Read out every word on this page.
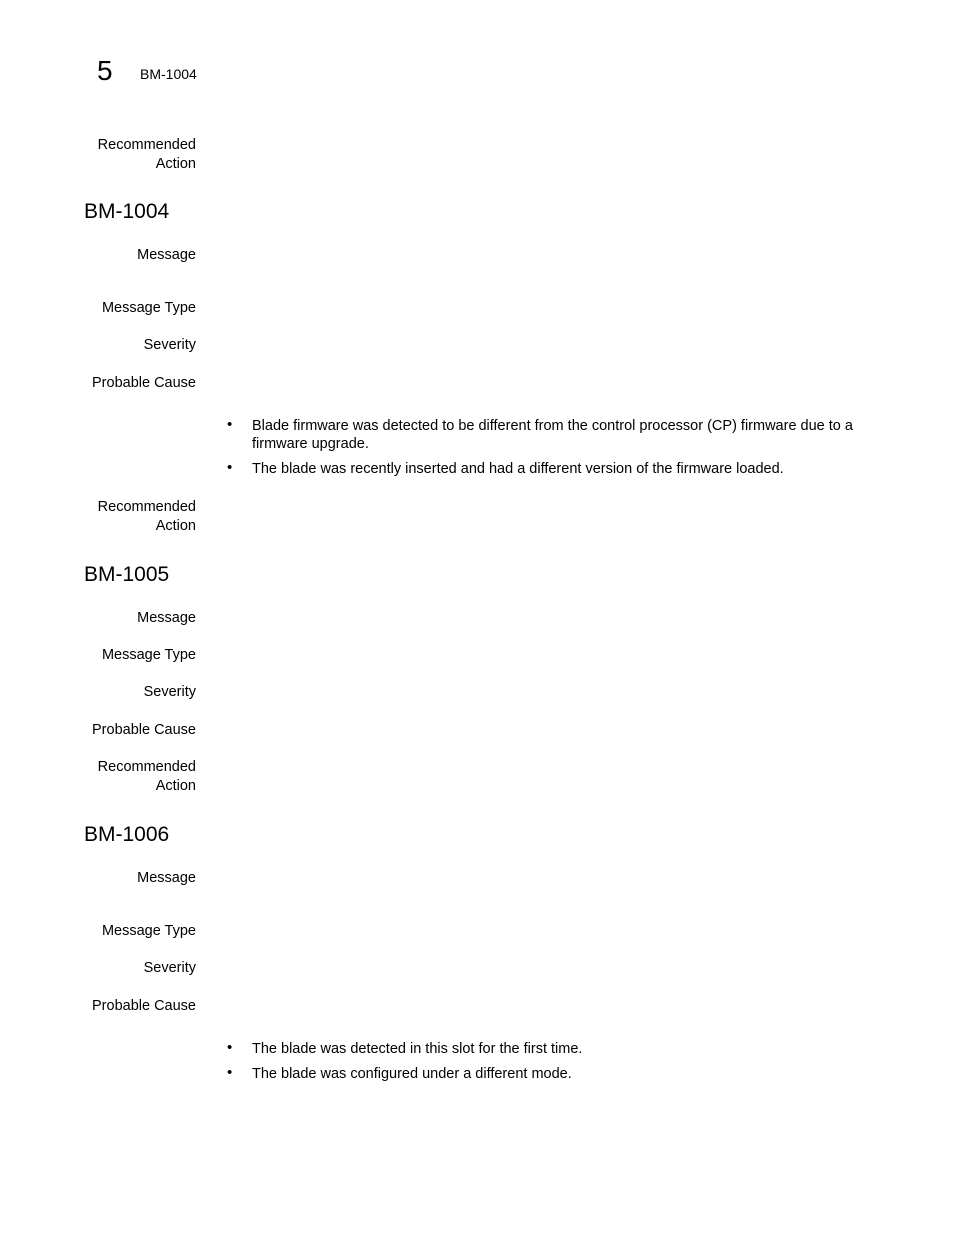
5 BM-1004
Recommended
Action
BM-1004
Message
Message Type
Severity
Probable Cause
• Blade firmware was detected to be different from the control processor (CP) firmware due to a firmware upgrade.
• The blade was recently inserted and had a different version of the firmware loaded.
Recommended
Action
BM-1005
Message
Message Type
Severity
Probable Cause
Recommended
Action
BM-1006
Message
Message Type
Severity
Probable Cause
• The blade was detected in this slot for the first time.
• The blade was configured under a different mode.
